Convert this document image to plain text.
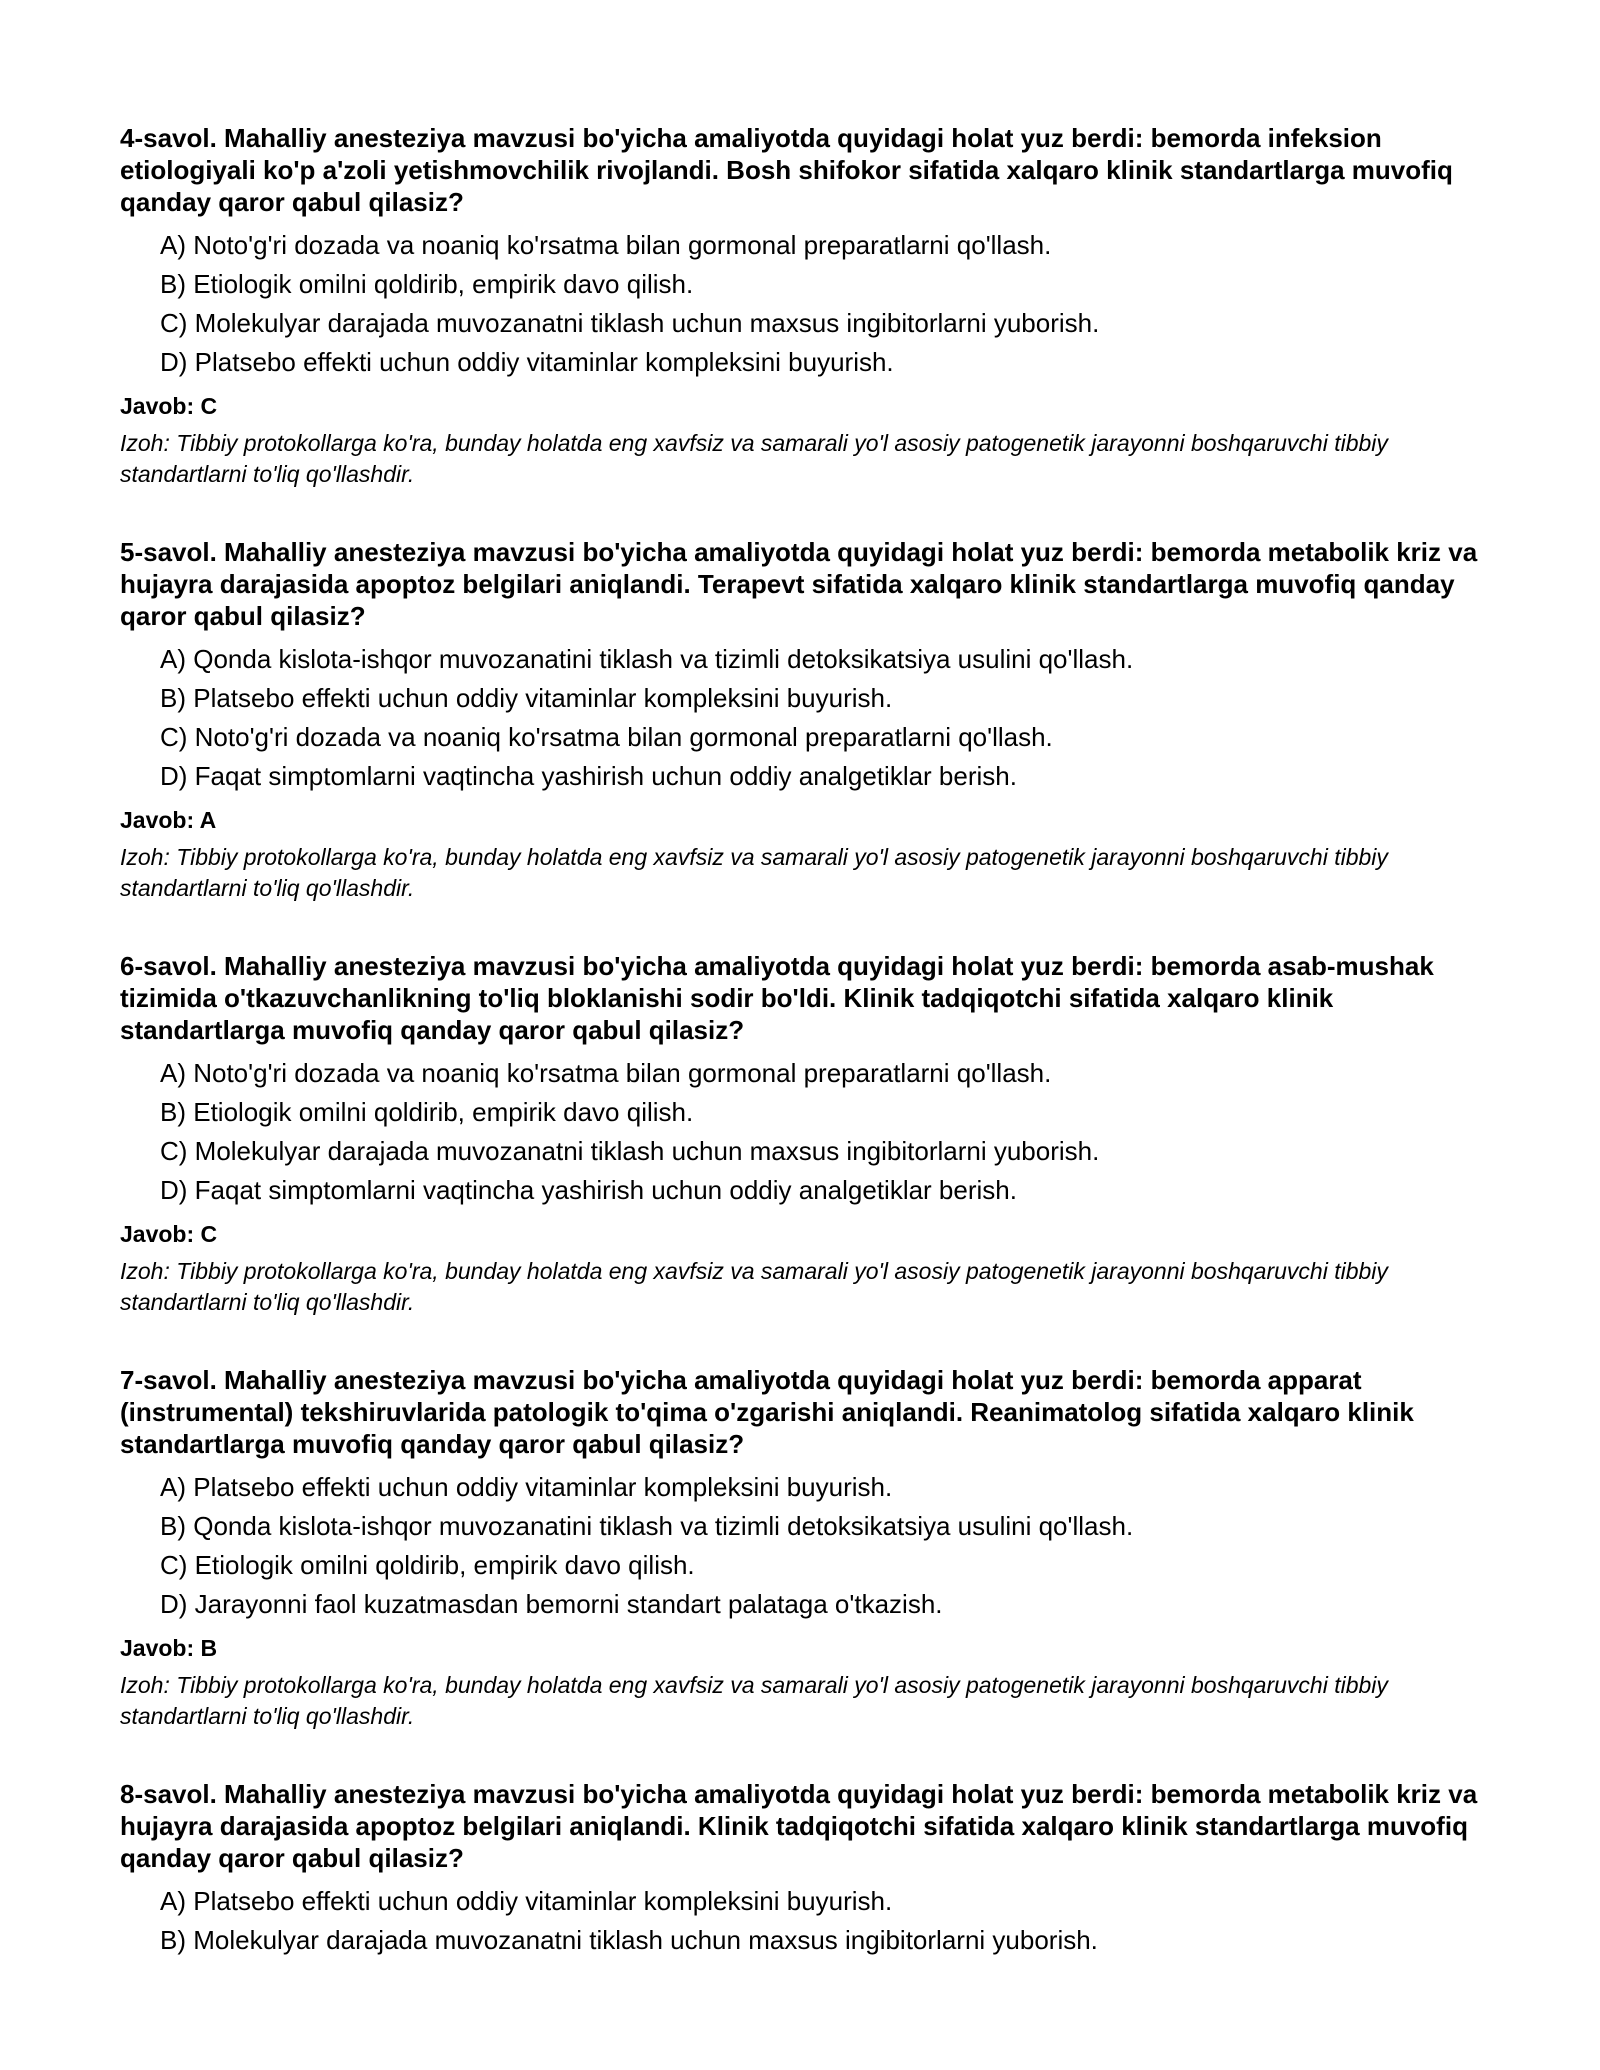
4-savol. Mahalliy anesteziya mavzusi bo'yicha amaliyotda quyidagi holat yuz berdi: bemorda infeksion etiologiyali ko'p a'zoli yetishmovchilik rivojlandi. Bosh shifokor sifatida xalqaro klinik standartlarga muvofiq qanday qaror qabul qilasiz?

A) Noto'g'ri dozada va noaniq ko'rsatma bilan gormonal preparatlarni qo'llash.
B) Etiologik omilni qoldirib, empirik davo qilish.
C) Molekulyar darajada muvozanatni tiklash uchun maxsus ingibitorlarni yuborish.
D) Platsebo effekti uchun oddiy vitaminlar kompleksini buyurish.

Javob: C

Izoh: Tibbiy protokollarga ko'ra, bunday holatda eng xavfsiz va samarali yo'l asosiy patogenetik jarayonni boshqaruvchi tibbiy standartlarni to'liq qo'llashdir.

5-savol. Mahalliy anesteziya mavzusi bo'yicha amaliyotda quyidagi holat yuz berdi: bemorda metabolik kriz va hujayra darajasida apoptoz belgilari aniqlandi. Terapevt sifatida xalqaro klinik standartlarga muvofiq qanday qaror qabul qilasiz?

A) Qonda kislota-ishqor muvozanatini tiklash va tizimli detoksikatsiya usulini qo'llash.
B) Platsebo effekti uchun oddiy vitaminlar kompleksini buyurish.
C) Noto'g'ri dozada va noaniq ko'rsatma bilan gormonal preparatlarni qo'llash.
D) Faqat simptomlarni vaqtincha yashirish uchun oddiy analgetiklar berish.

Javob: A

Izoh: Tibbiy protokollarga ko'ra, bunday holatda eng xavfsiz va samarali yo'l asosiy patogenetik jarayonni boshqaruvchi tibbiy standartlarni to'liq qo'llashdir.

6-savol. Mahalliy anesteziya mavzusi bo'yicha amaliyotda quyidagi holat yuz berdi: bemorda asab-mushak tizimida o'tkazuvchanlikning to'liq bloklanishi sodir bo'ldi. Klinik tadqiqotchi sifatida xalqaro klinik standartlarga muvofiq qanday qaror qabul qilasiz?

A) Noto'g'ri dozada va noaniq ko'rsatma bilan gormonal preparatlarni qo'llash.
B) Etiologik omilni qoldirib, empirik davo qilish.
C) Molekulyar darajada muvozanatni tiklash uchun maxsus ingibitorlarni yuborish.
D) Faqat simptomlarni vaqtincha yashirish uchun oddiy analgetiklar berish.

Javob: C

Izoh: Tibbiy protokollarga ko'ra, bunday holatda eng xavfsiz va samarali yo'l asosiy patogenetik jarayonni boshqaruvchi tibbiy standartlarni to'liq qo'llashdir.

7-savol. Mahalliy anesteziya mavzusi bo'yicha amaliyotda quyidagi holat yuz berdi: bemorda apparat (instrumental) tekshiruvlarida patologik to'qima o'zgarishi aniqlandi. Reanimatolog sifatida xalqaro klinik standartlarga muvofiq qanday qaror qabul qilasiz?

A) Platsebo effekti uchun oddiy vitaminlar kompleksini buyurish.
B) Qonda kislota-ishqor muvozanatini tiklash va tizimli detoksikatsiya usulini qo'llash.
C) Etiologik omilni qoldirib, empirik davo qilish.
D) Jarayonni faol kuzatmasdan bemorni standart palataga o'tkazish.

Javob: B

Izoh: Tibbiy protokollarga ko'ra, bunday holatda eng xavfsiz va samarali yo'l asosiy patogenetik jarayonni boshqaruvchi tibbiy standartlarni to'liq qo'llashdir.

8-savol. Mahalliy anesteziya mavzusi bo'yicha amaliyotda quyidagi holat yuz berdi: bemorda metabolik kriz va hujayra darajasida apoptoz belgilari aniqlandi. Klinik tadqiqotchi sifatida xalqaro klinik standartlarga muvofiq qanday qaror qabul qilasiz?

A) Platsebo effekti uchun oddiy vitaminlar kompleksini buyurish.
B) Molekulyar darajada muvozanatni tiklash uchun maxsus ingibitorlarni yuborish.
